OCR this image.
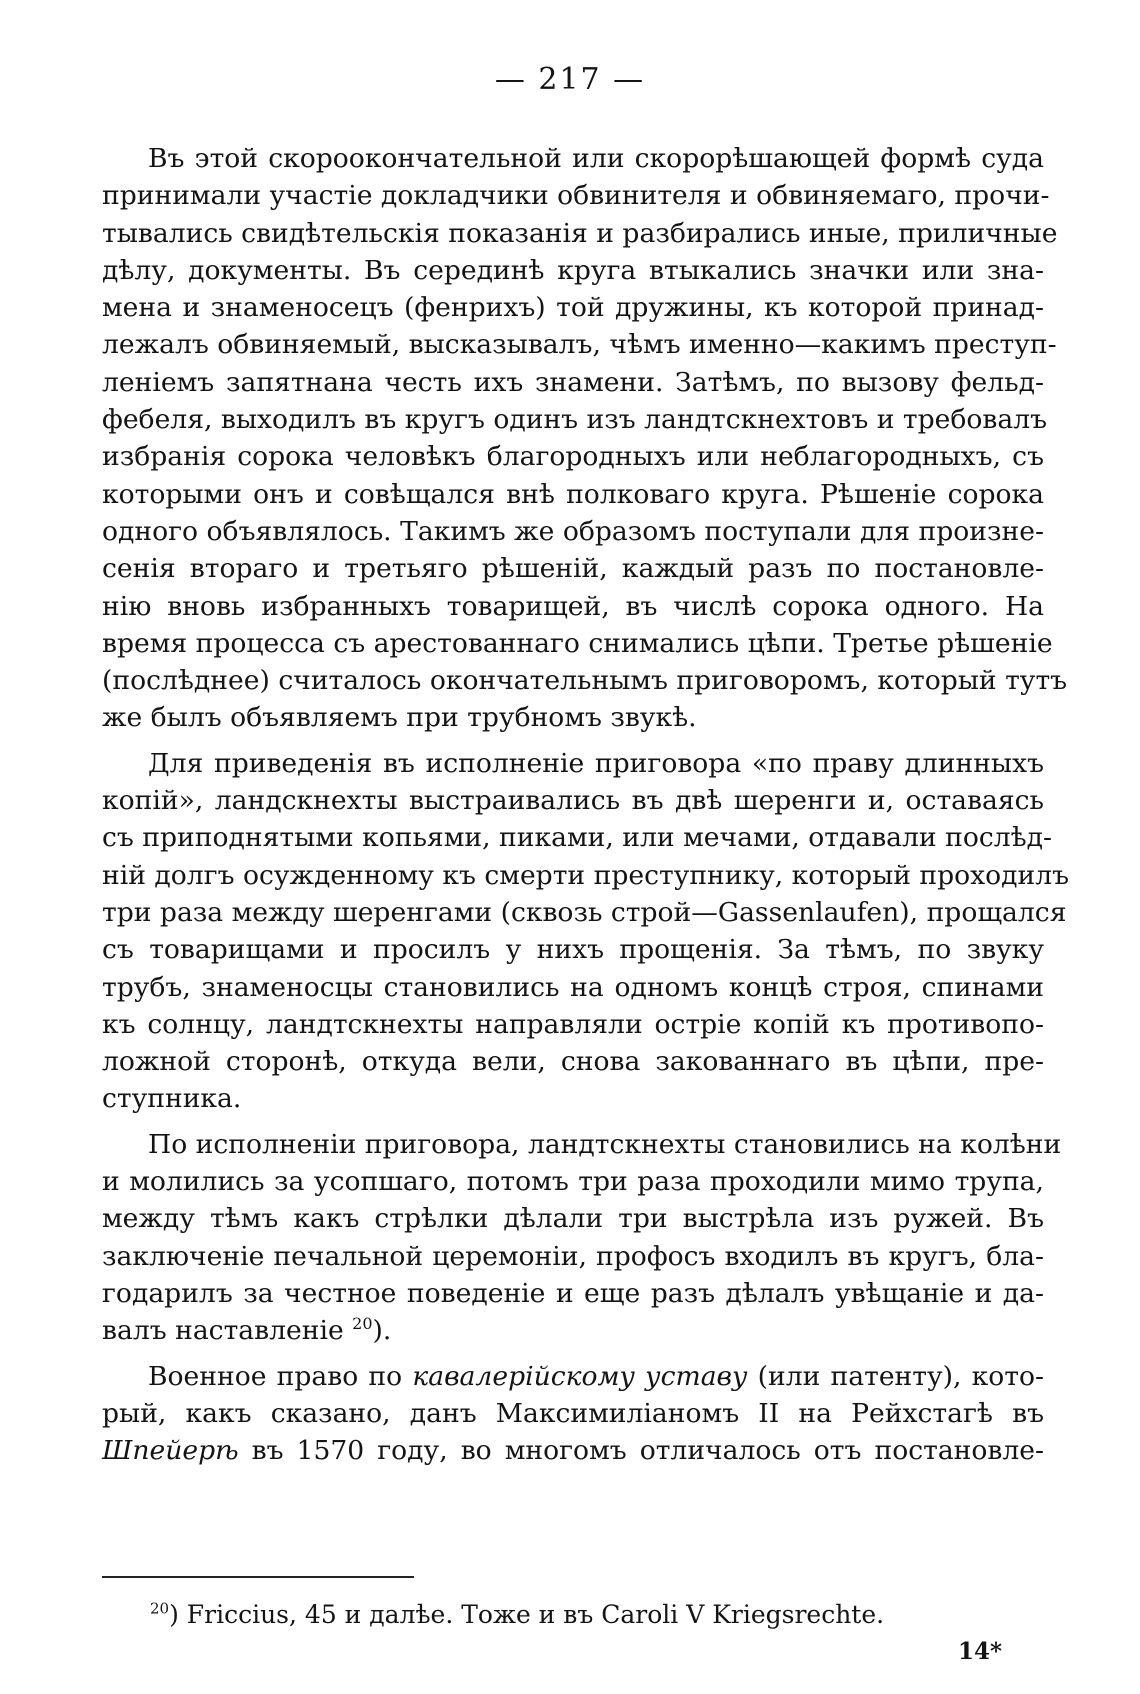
— 217 —
Въ этой скороокончательной или скорорѣшающей формѣ суда
принимали участіе докладчики обвинителя и обвиняемаго, прочи-
тывались свидѣтельскія показанія и разбирались иные, приличные
дѣлу, документы. Въ серединѣ круга втыкались значки или зна-
мена и знаменосецъ (фенрихъ) той дружины, къ которой принад-
лежалъ обвиняемый, высказывалъ, чѣмъ именно—какимъ преступ-
леніемъ запятнана честь ихъ знамени. Затѣмъ, по вызову фельд-
фебеля, выходилъ въ кругъ одинъ изъ ландтскнехтовъ и требовалъ
избранія сорока человѣкъ благородныхъ или неблагородныхъ, съ
которыми онъ и совѣщался внѣ полковаго круга. Рѣшеніе сорока
одного объявлялось. Такимъ же образомъ поступали для произне-
сенія втораго и третьяго рѣшеній, каждый разъ по постановле-
нію вновь избранныхъ товарищей, въ числѣ сорока одного. На
время процесса съ арестованнаго снимались цѣпи. Третье рѣшеніе
(послѣднее) считалось окончательнымъ приговоромъ, который тутъ
же былъ объявляемъ при трубномъ звукѣ.
Для приведенія въ исполненіе приговора «по праву длинныхъ
копій», ландскнехты выстраивались въ двѣ шеренги и, оставаясь
съ приподнятыми копьями, пиками, или мечами, отдавали послѣд-
ній долгъ осужденному къ смерти преступнику, который проходилъ
три раза между шеренгами (сквозь строй—Gassenlaufen), прощался
съ товарищами и просилъ у нихъ прощенія. За тѣмъ, по звуку
трубъ, знаменосцы становились на одномъ концѣ строя, спинами
къ солнцу, ландтскнехты направляли остріе копій къ противопо-
ложной сторонѣ, откуда вели, снова закованнаго въ цѣпи, пре-
ступника.
По исполненіи приговора, ландтскнехты становились на колѣни
и молились за усопшаго, потомъ три раза проходили мимо трупа,
между тѣмъ какъ стрѣлки дѣлали три выстрѣла изъ ружей. Въ
заключеніе печальной церемоніи, профосъ входилъ въ кругъ, бла-
годарилъ за честное поведеніе и еще разъ дѣлалъ увѣщаніе и да-
валъ наставленіе $^{20}$).
Военное право по кавалерійскому уставу (или патенту), кото-
рый, какъ сказано, данъ Максимиліаномъ II на Рейхстагѣ въ
Шпейерѣ въ 1570 году, во многомъ отличалось отъ постановле-
$^{20}$) Friccius, 45 и далѣе. Тоже и въ Caroli V Kriegsrechte.
14*
